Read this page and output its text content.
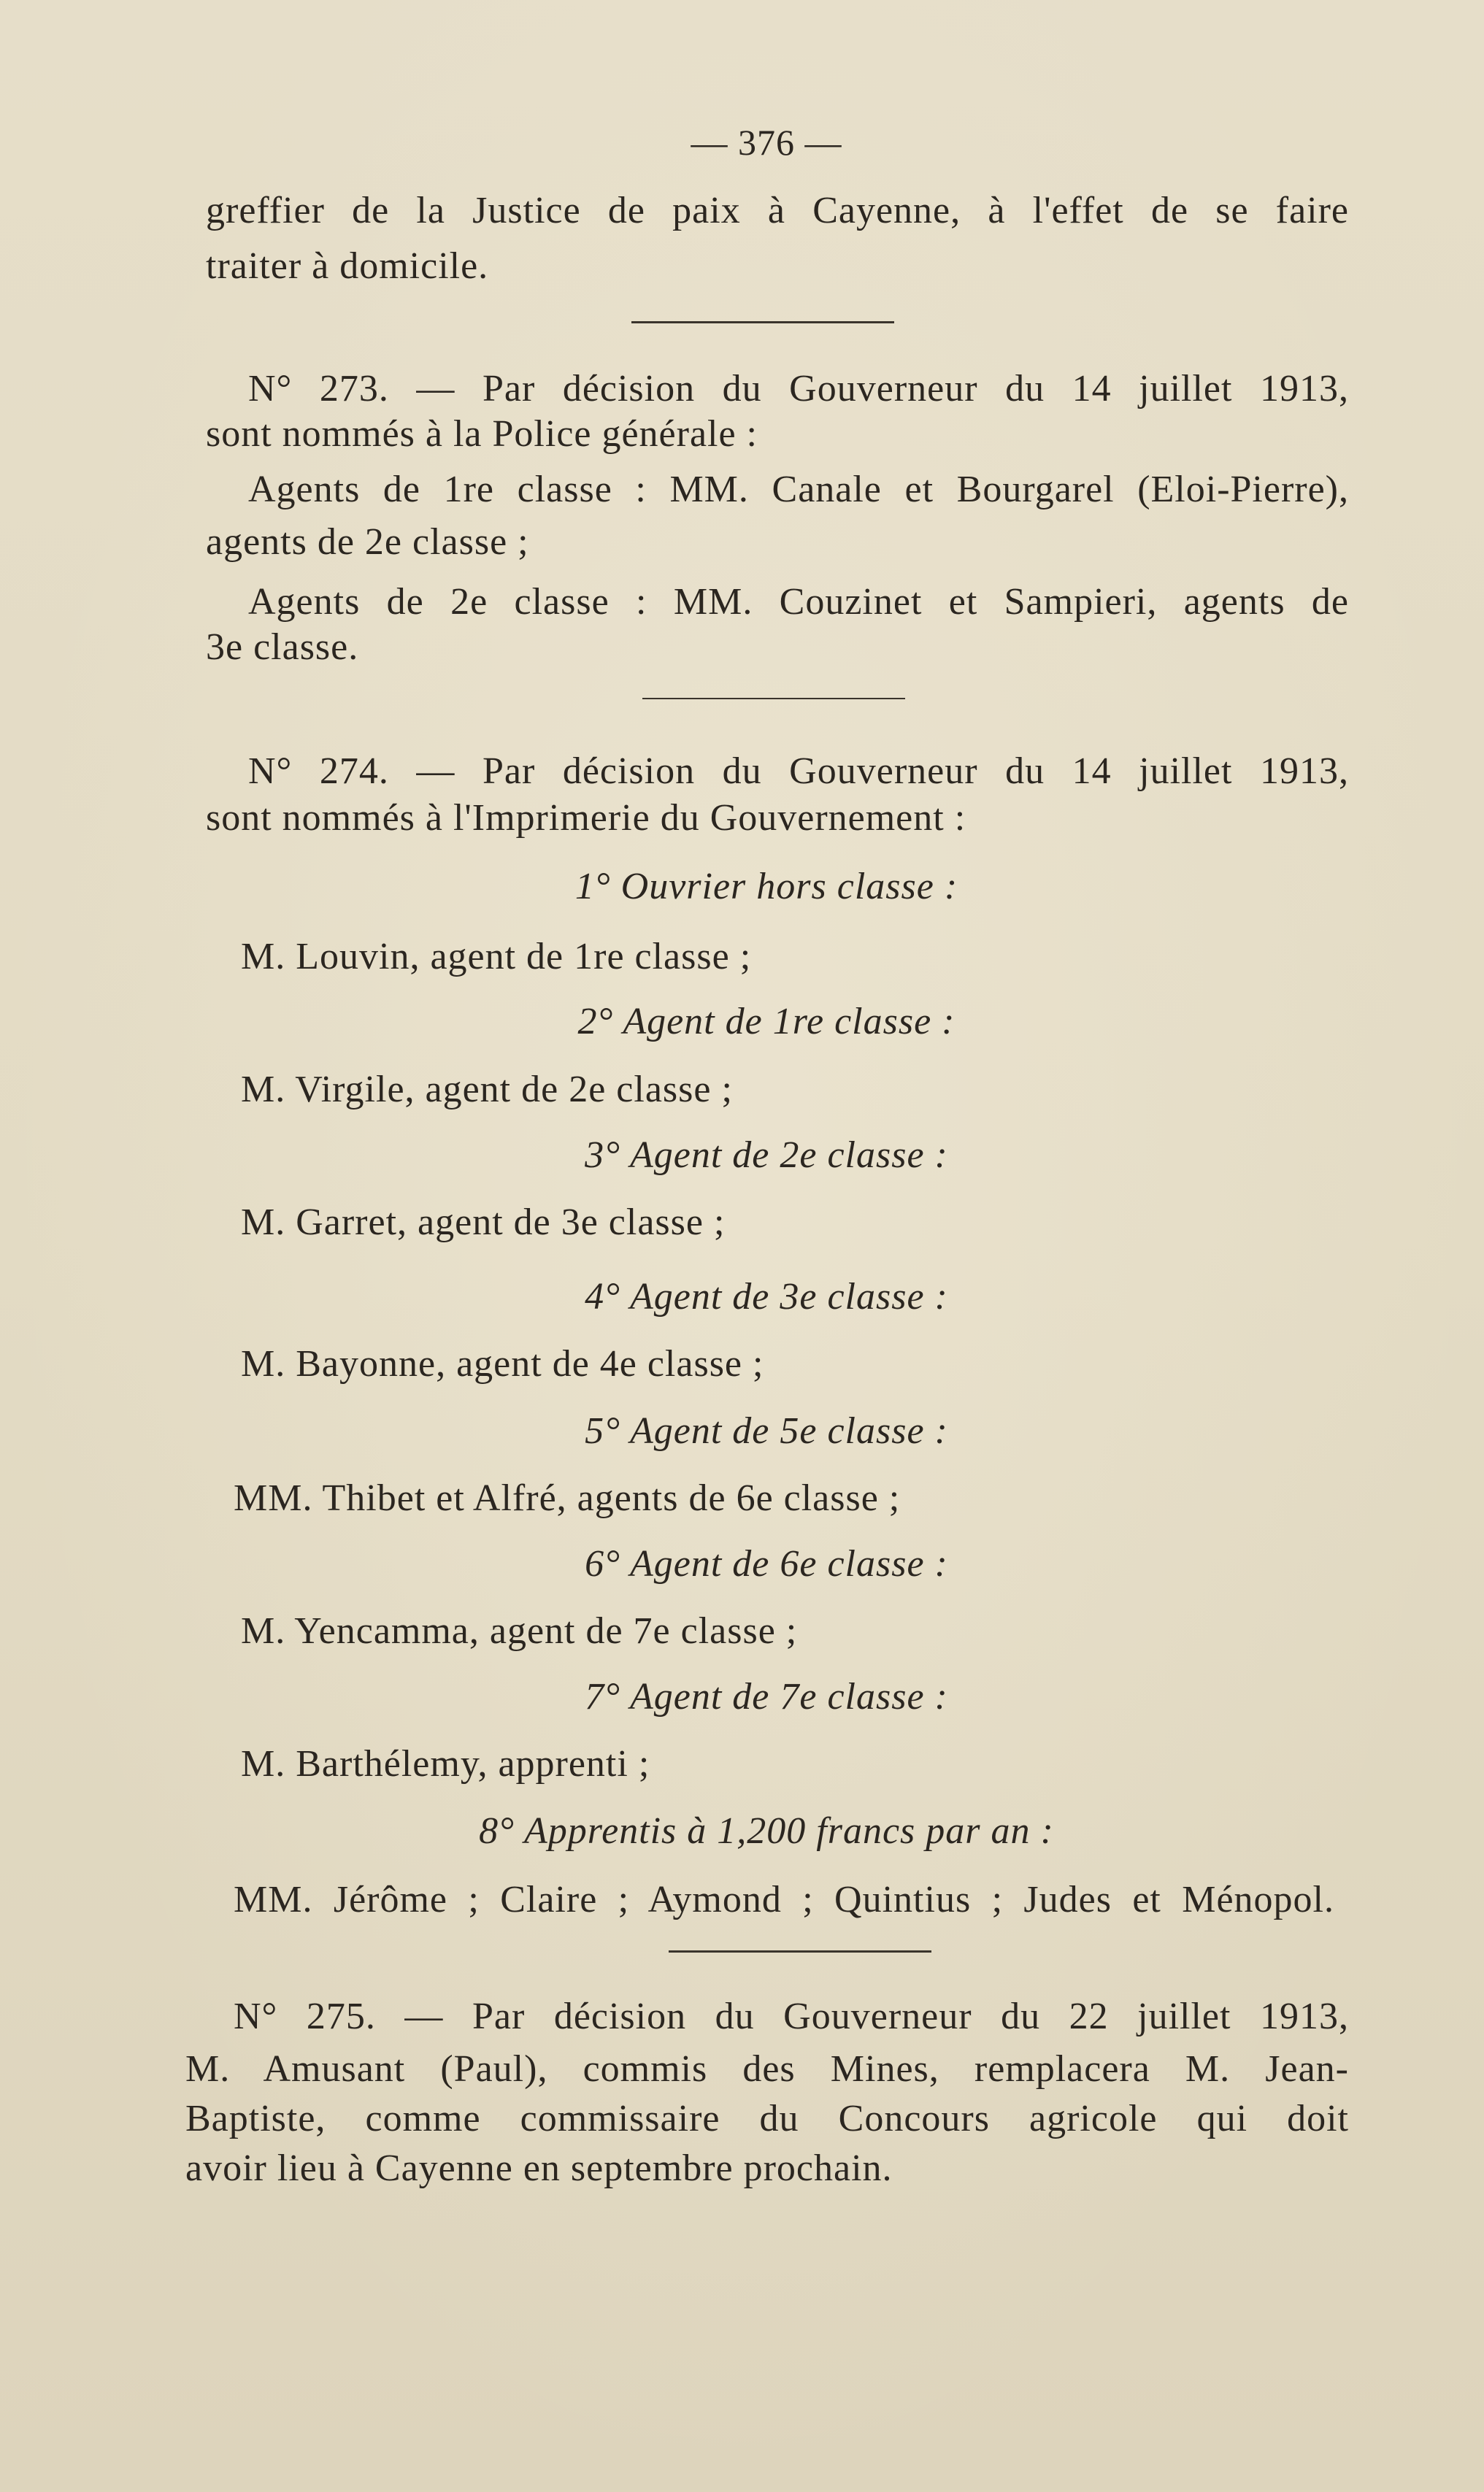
— 376 —
greffier de la Justice de paix à Cayenne, à l'effet de se faire
traiter à domicile.
N° 273. — Par décision du Gouverneur du 14 juillet 1913,
sont nommés à la Police générale :
Agents de 1re classe : MM. Canale et Bourgarel (Eloi-Pierre),
agents de 2e classe ;
Agents de 2e classe : MM. Couzinet et Sampieri, agents de
3e classe.
N° 274. — Par décision du Gouverneur du 14 juillet 1913,
sont nommés à l'Imprimerie du Gouvernement :
1° Ouvrier hors classe :
M. Louvin, agent de 1re classe ;
2° Agent de 1re classe :
M. Virgile, agent de 2e classe ;
3° Agent de 2e classe :
M. Garret, agent de 3e classe ;
4° Agent de 3e classe :
M. Bayonne, agent de 4e classe ;
5° Agent de 5e classe :
MM. Thibet et Alfré, agents de 6e classe ;
6° Agent de 6e classe :
M. Yencamma, agent de 7e classe ;
7° Agent de 7e classe :
M. Barthélemy, apprenti ;
8° Apprentis à 1,200 francs par an :
MM. Jérôme ; Claire ; Aymond ; Quintius ; Judes et Ménopol.
N° 275. — Par décision du Gouverneur du 22 juillet 1913,
M. Amusant (Paul), commis des Mines, remplacera M. Jean-
Baptiste, comme commissaire du Concours agricole qui doit
avoir lieu à Cayenne en septembre prochain.
